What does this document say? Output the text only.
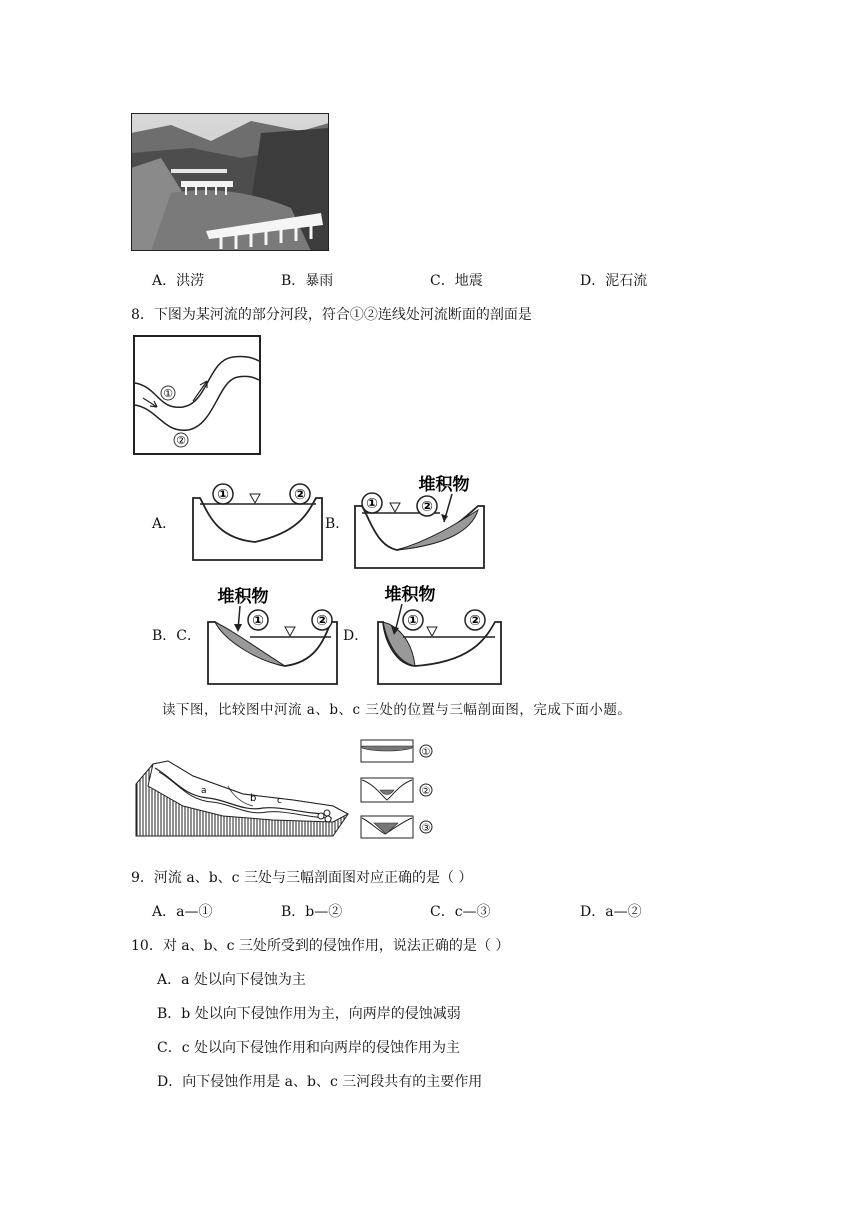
A．洪涝	B．暴雨	C．地震	D．泥石流
8．下图为某河流的部分河段，符合①②连线处河流断面的剖面是
①
②
A．	B．
B．C．	D．
①	②
①	②
堆积物
①	②
堆积物
①	②
堆积物
读下图，比较图中河流 a、b、c 三处的位置与三幅剖面图，完成下面小题。
a
b c
①
②
③
9．河流 a、b、c 三处与三幅剖面图对应正确的是（ ）
A．a—①	B．b—②	C．c—③	D．a—②
10．对 a、b、c 三处所受到的侵蚀作用，说法正确的是（ ）
A．a 处以向下侵蚀为主
B．b 处以向下侵蚀作用为主，向两岸的侵蚀减弱
C．c 处以向下侵蚀作用和向两岸的侵蚀作用为主
D．向下侵蚀作用是 a、b、c 三河段共有的主要作用
